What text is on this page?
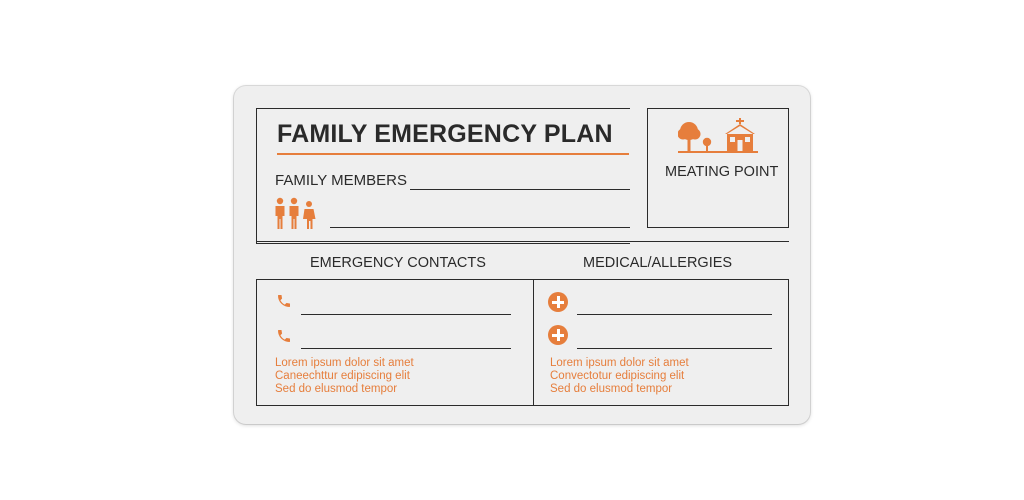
FAMILY EMERGENCY PLAN
FAMILY MEMBERS	MEATING POINT
EMERGENCY CONTACTS	MEDICAL/ALLERGIES
Lorem ipsum dolor sit amet
Caneechttur edipiscing elit
Sed do elusmod tempor
Lorem ipsum dolor sit amet
Convectotur edipiscing elit
Sed do elusmod tempor
